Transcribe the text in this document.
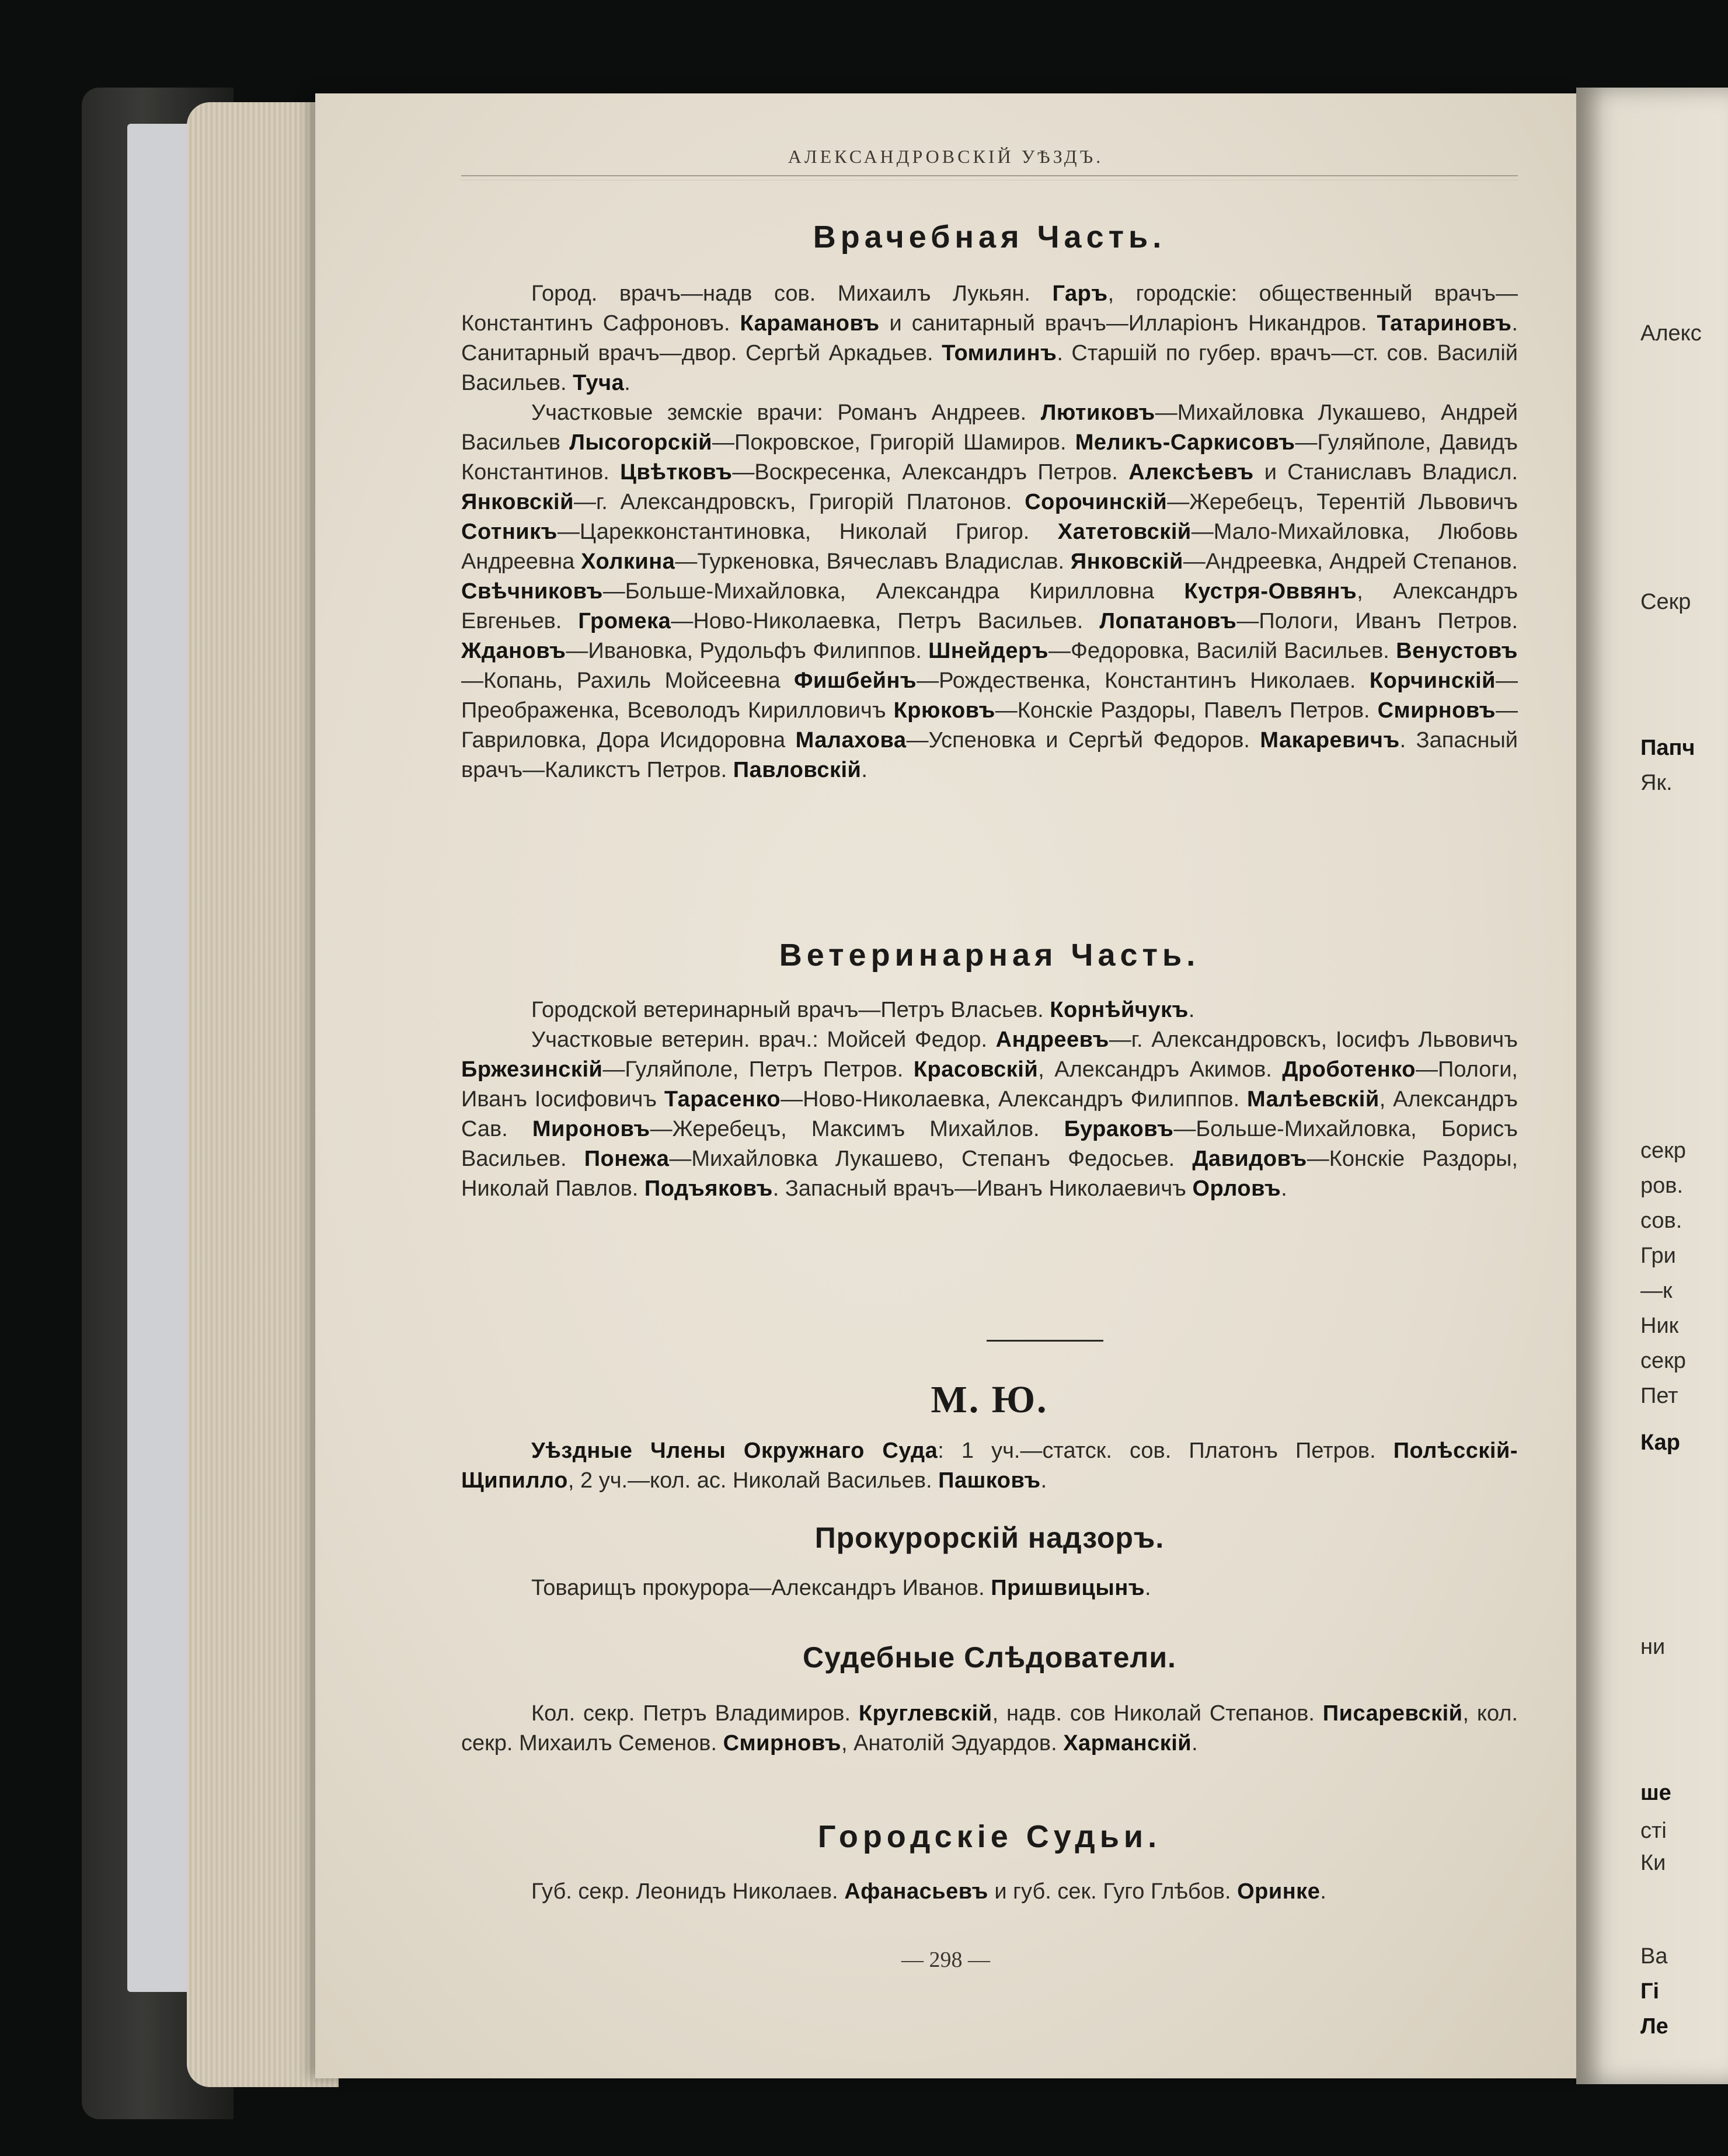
АЛЕКСАНДРОВСКІЙ УѢЗДЪ.
Врачебная Часть.

Город. врачъ—надв сов. Михаилъ Лукьян. Гаръ, городскіе: общественный врачъ—Константинъ Сафроновъ. Карамановъ и санитарный врачъ—Илларіонъ Никандров. Татариновъ. Санитарный врачъ—двор. Сергѣй Аркадьев. Томилинъ. Старшій по губер. врачъ—ст. сов. Василій Васильев. Туча.

Участковые земскіе врачи: Романъ Андреев. Лютиковъ—Михайловка Лукашево, Андрей Васильев Лысогорскій—Покровское, Григорій Шамиров. Меликъ-Саркисовъ—Гуляйполе, Давидъ Константинов. Цвѣтковъ—Воскресенка, Александръ Петров. Алексѣевъ и Станиславъ Владисл. Янковскій—г. Александровскъ, Григорій Платонов. Сорочинскій—Жеребецъ, Терентій Львовичъ Сотникъ—Царекконстантиновка, Николай Григор. Хатетовскій—Мало-Михайловка, Любовь Андреевна Холкина—Туркеновка, Вячеславъ Владислав. Янковскій—Андреевка, Андрей Степанов. Свѣчниковъ—Больше-Михайловка, Александра Кирилловна Кустря-Оввянъ, Александръ Евгеньев. Громека—Ново-Николаевка, Петръ Васильев. Лопатановъ—Пологи, Иванъ Петров. Ждановъ—Ивановка, Рудольфъ Филиппов. Шнейдеръ—Федоровка, Василій Васильев. Венустовъ—Копань, Рахиль Мойсеевна Фишбейнъ—Рождественка, Константинъ Николаев. Корчинскій—Преображенка, Всеволодъ Кирилловичъ Крюковъ—Конскіе Раздоры, Павелъ Петров. Смирновъ—Гавриловка, Дора Исидоровна Малахова—Успеновка и Сергѣй Федоров. Макаревичъ. Запасный врачъ—Каликстъ Петров. Павловскій.

Ветеринарная Часть.

Городской ветеринарный врачъ—Петръ Власьев. Корнѣйчукъ.

Участковые ветерин. врач.: Мойсей Федор. Андреевъ—г. Александровскъ, Іосифъ Львовичъ Бржезинскій—Гуляйполе, Петръ Петров. Красовскій, Александръ Акимов. Дроботенко—Пологи, Иванъ Іосифовичъ Тарасенко—Ново-Николаевка, Александръ Филиппов. Малѣевскій, Александръ Сав. Мироновъ—Жеребецъ, Максимъ Михайлов. Бураковъ—Больше-Михайловка, Борисъ Васильев. Понежа—Михайловка Лукашево, Степанъ Федосьев. Давидовъ—Конскіе Раздоры, Николай Павлов. Подъяковъ. Запасный врачъ—Иванъ Николаевичъ Орловъ.

М. Ю.

Уѣздные Члены Окружнаго Суда: 1 уч.—статск. сов. Платонъ Петров. Полѣсскій-Щипилло, 2 уч.—кол. ас. Николай Васильев. Пашковъ.

Прокурорскій надзоръ.

Товарищъ прокурора—Александръ Иванов. Пришвицынъ.

Судебные Слѣдователи.

Кол. секр. Петръ Владимиров. Круглевскій, надв. сов Николай Степанов. Писаревскій, кол. секр. Михаилъ Семенов. Смирновъ, Анатолій Эдуардов. Харманскій.

Городскіе Судьи.

Губ. секр. Леонидъ Николаев. Афанасьевъ и губ. сек. Гуго Глѣбов. Оринке.

— 298 —
Алекс
Секр
Папч
Як.
секр
ров.
сов.
Гри
—к
Ник
секр
Пет
Кар
ни
ше
сті
Ки
Ва
Гі
Ле
